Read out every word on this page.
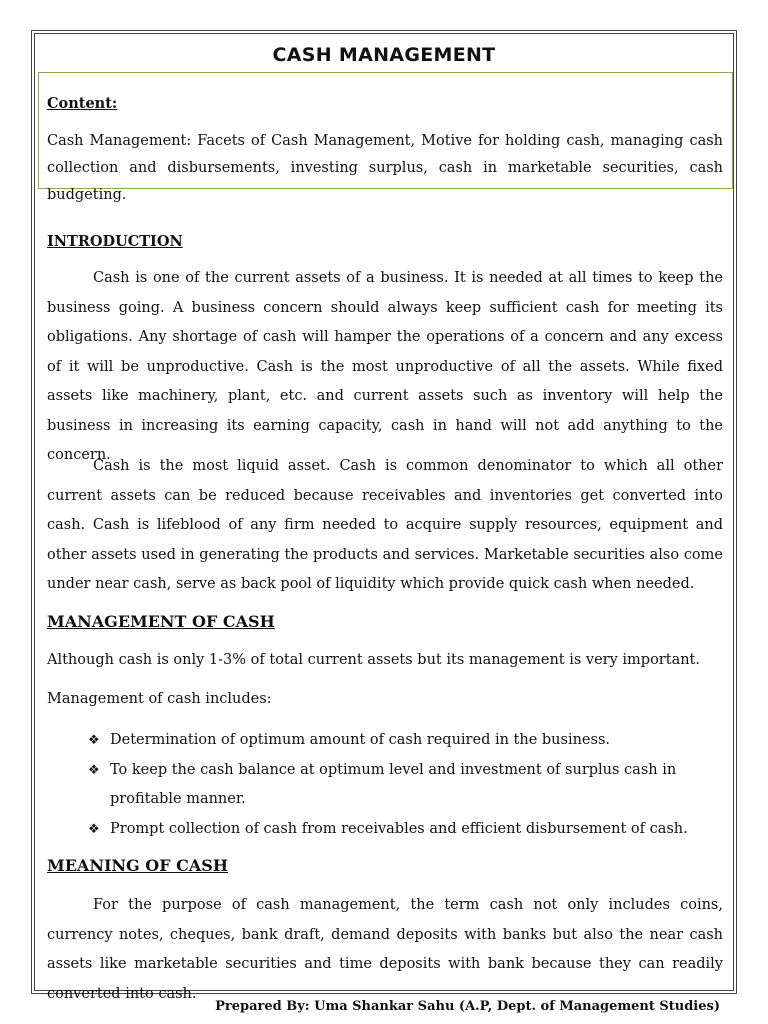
CASH MANAGEMENT

Content:

Cash Management: Facets of Cash Management, Motive for holding cash, managing cash collection and disbursements, investing surplus, cash in marketable securities, cash budgeting.

INTRODUCTION

Cash is one of the current assets of a business. It is needed at all times to keep the business going. A business concern should always keep sufficient cash for meeting its obligations. Any shortage of cash will hamper the operations of a concern and any excess of it will be unproductive. Cash is the most unproductive of all the assets. While fixed assets like machinery, plant, etc. and current assets such as inventory will help the business in increasing its earning capacity, cash in hand will not add anything to the concern.

Cash is the most liquid asset. Cash is common denominator to which all other current assets can be reduced because receivables and inventories get converted into cash. Cash is lifeblood of any firm needed to acquire supply resources, equipment and other assets used in generating the products and services. Marketable securities also come under near cash, serve as back pool of liquidity which provide quick cash when needed.

MANAGEMENT OF CASH

Although cash is only 1-3% of total current assets but its management is very important.

Management of cash includes:

❖ Determination of optimum amount of cash required in the business.
❖ To keep the cash balance at optimum level and investment of surplus cash in profitable manner.
❖ Prompt collection of cash from receivables and efficient disbursement of cash.
MEANING OF CASH

For the purpose of cash management, the term cash not only includes coins, currency notes, cheques, bank draft, demand deposits with banks but also the near cash assets like marketable securities and time deposits with bank because they can readily converted into cash.

Prepared By: Uma Shankar Sahu (A.P, Dept. of Management Studies)
